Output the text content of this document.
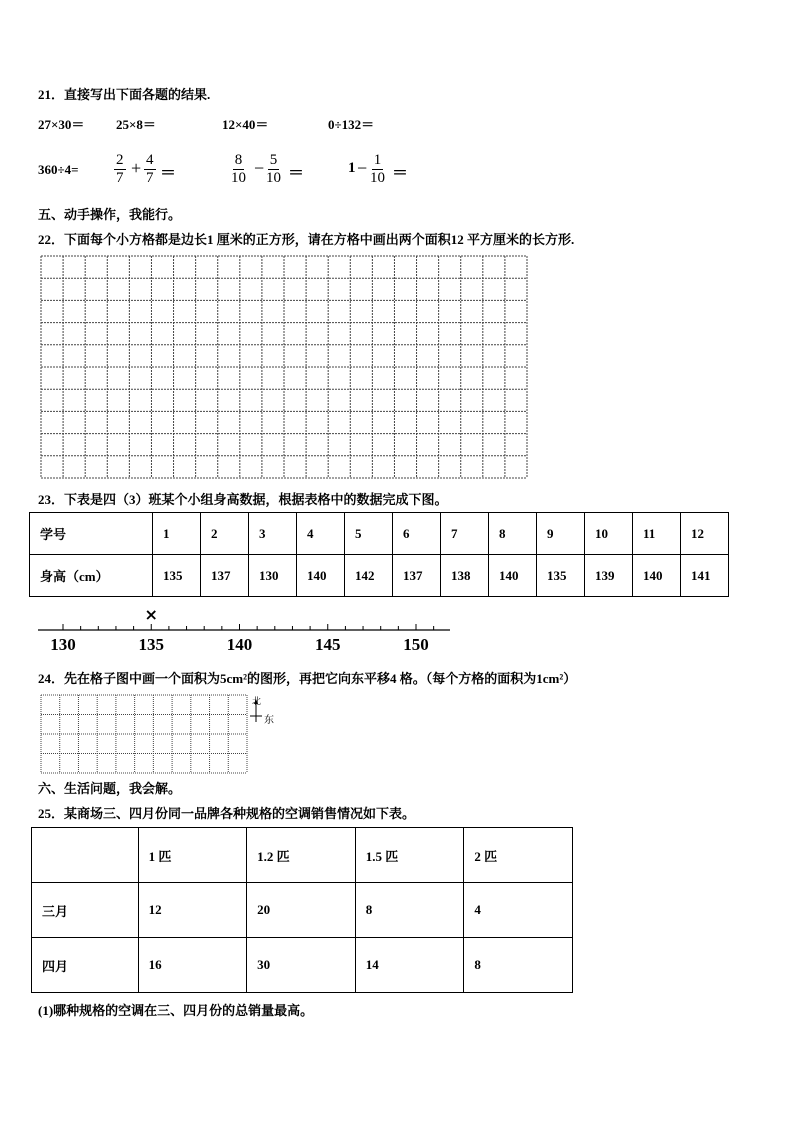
21．直接写出下面各题的结果.
27×30＝ 25×8＝	12×40＝	0÷132＝
$360\div 4= \frac{2}{7} + \frac{4}{7}$ ＝	$\frac{8}{10} - \frac{5}{10}$ ＝	$1 - \frac{1}{10}$ ＝
五、动手操作，我能行。
22．下面每个小方格都是边长1 厘米的正方形，请在方格中画出两个面积12 平方厘米的长方形.
23．下表是四（3）班某个小组身高数据，根据表格中的数据完成下图。
学号	1	2	3	4	5	6	7	8	9	10	11	12
身高（cm）	135	137	130	140	142	137	138	140	135	139	140	141
130	135	140	145	150
×
24．先在格子图中画一个面积为5cm²的图形，再把它向东平移4 格。（每个方格的面积为1cm²）
北
东
六、生活问题，我会解。
25．某商场三、四月份同一品牌各种规格的空调销售情况如下表。
	1 匹	1.2 匹	1.5 匹	2 匹
三月	12	20	8	4
四月	16	30	14	8
(1)哪种规格的空调在三、四月份的总销量最高。
